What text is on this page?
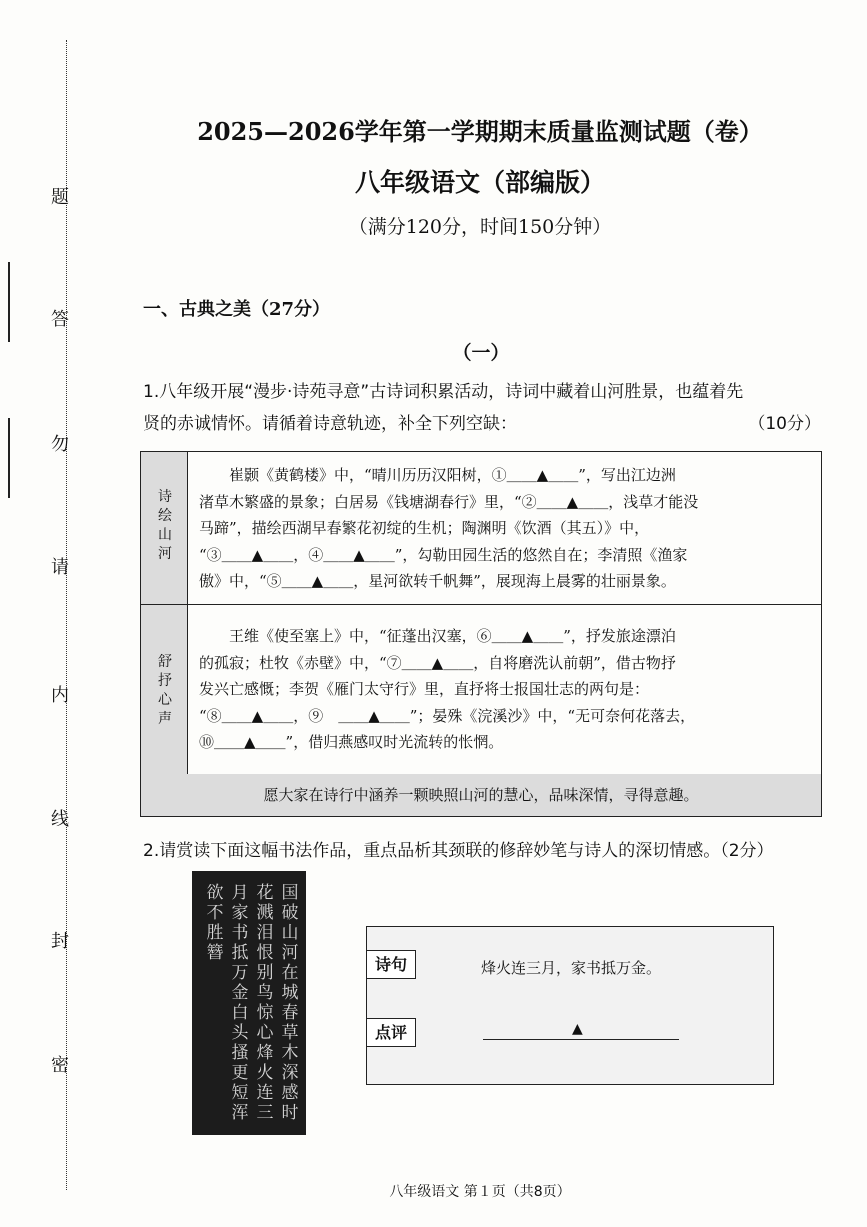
题
答
勿
请
内
线
封
密
2025—2026学年第一学期期末质量监测试题（卷）
八年级语文（部编版）
（满分120分，时间150分钟）
一、古典之美（27分）
（一）
1.八年级开展“漫步·诗苑寻意”古诗词积累活动，诗词中藏着山河胜景，也蕴着先
贤的赤诚情怀。请循着诗意轨迹，补全下列空缺：	（10分）
诗
绘
山
河
　　崔颢《黄鹤楼》中，“晴川历历汉阳树，①＿＿▲＿＿”，写出江边洲
渚草木繁盛的景象；白居易《钱塘湖春行》里，“②＿＿▲＿＿，浅草才能没
马蹄”，描绘西湖早春繁花初绽的生机；陶渊明《饮酒（其五）》中，
“③＿＿▲＿＿，④＿＿▲＿＿”，勾勒田园生活的悠然自在；李清照《渔家
傲》中，“⑤＿＿▲＿＿，星河欲转千帆舞”，展现海上晨雾的壮丽景象。
舒
抒
心
声
　　王维《使至塞上》中，“征蓬出汉塞，⑥＿＿▲＿＿”，抒发旅途漂泊
的孤寂；杜牧《赤壁》中，“⑦＿＿▲＿＿，自将磨洗认前朝”，借古物抒
发兴亡感慨；李贺《雁门太守行》里，直抒将士报国壮志的两句是：
“⑧＿＿▲＿＿，⑨　＿＿▲＿＿”；晏殊《浣溪沙》中，“无可奈何花落去，
⑩＿＿▲＿＿”，借归燕感叹时光流转的怅惘。
愿大家在诗行中涵养一颗映照山河的慧心，品味深情，寻得意趣。
2.请赏读下面这幅书法作品，重点品析其颈联的修辞妙笔与诗人的深切情感。（2分）
国破山河在城春草木深感时
花溅泪恨别鸟惊心烽火连三
月家书抵万金白头搔更短浑
欲不胜簪
诗句
点评
烽火连三月，家书抵万金。
▲
八年级语文 第１页（共8页）
